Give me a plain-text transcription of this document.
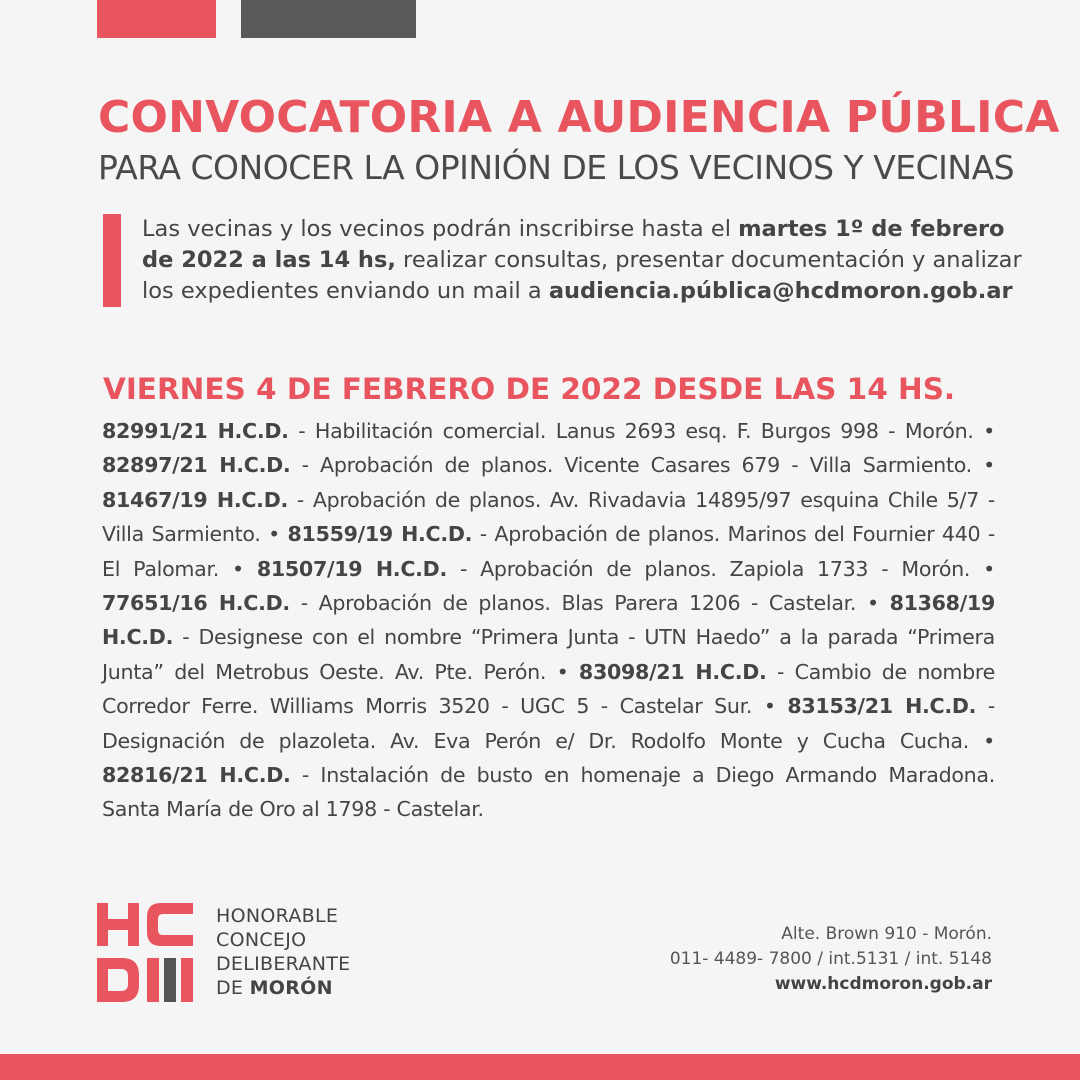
CONVOCATORIA A AUDIENCIA PÚBLICA
PARA CONOCER LA OPINIÓN DE LOS VECINOS Y VECINAS
Las vecinas y los vecinos podrán inscribirse hasta el martes 1º de febrero de 2022 a las 14 hs, realizar consultas, presentar documentación y analizar los expedientes enviando un mail a audiencia.pública@hcdmoron.gob.ar
VIERNES 4 DE FEBRERO DE 2022 DESDE LAS 14 HS.
82991/21 H.C.D. - Habilitación comercial. Lanus 2693 esq. F. Burgos 998 - Morón. • 82897/21 H.C.D. - Aprobación de planos. Vicente Casares 679 - Villa Sarmiento. • 81467/19 H.C.D. - Aprobación de planos. Av. Rivadavia 14895/97 esquina Chile 5/7 - Villa Sarmiento. • 81559/19 H.C.D. - Aprobación de planos. Marinos del Fournier 440 - El Palomar. • 81507/19 H.C.D. - Aprobación de planos. Zapiola 1733 - Morón. • 77651/16 H.C.D. - Aprobación de planos. Blas Parera 1206 - Castelar. • 81368/19 H.C.D. - Designese con el nombre “Primera Junta - UTN Haedo” a la parada “Primera Junta” del Metrobus Oeste. Av. Pte. Perón. • 83098/21 H.C.D. - Cambio de nombre Corredor Ferre. Williams Morris 3520 - UGC 5 - Castelar Sur. • 83153/21 H.C.D. - Designación de plazoleta. Av. Eva Perón e/ Dr. Rodolfo Monte y Cucha Cucha. • 82816/21 H.C.D. - Instalación de busto en homenaje a Diego Armando Maradona. Santa María de Oro al 1798 - Castelar.
HONORABLE
CONCEJO
DELIBERANTE
DE MORÓN
Alte. Brown 910 - Morón.
011- 4489- 7800 / int.5131 / int. 5148
www.hcdmoron.gob.ar
